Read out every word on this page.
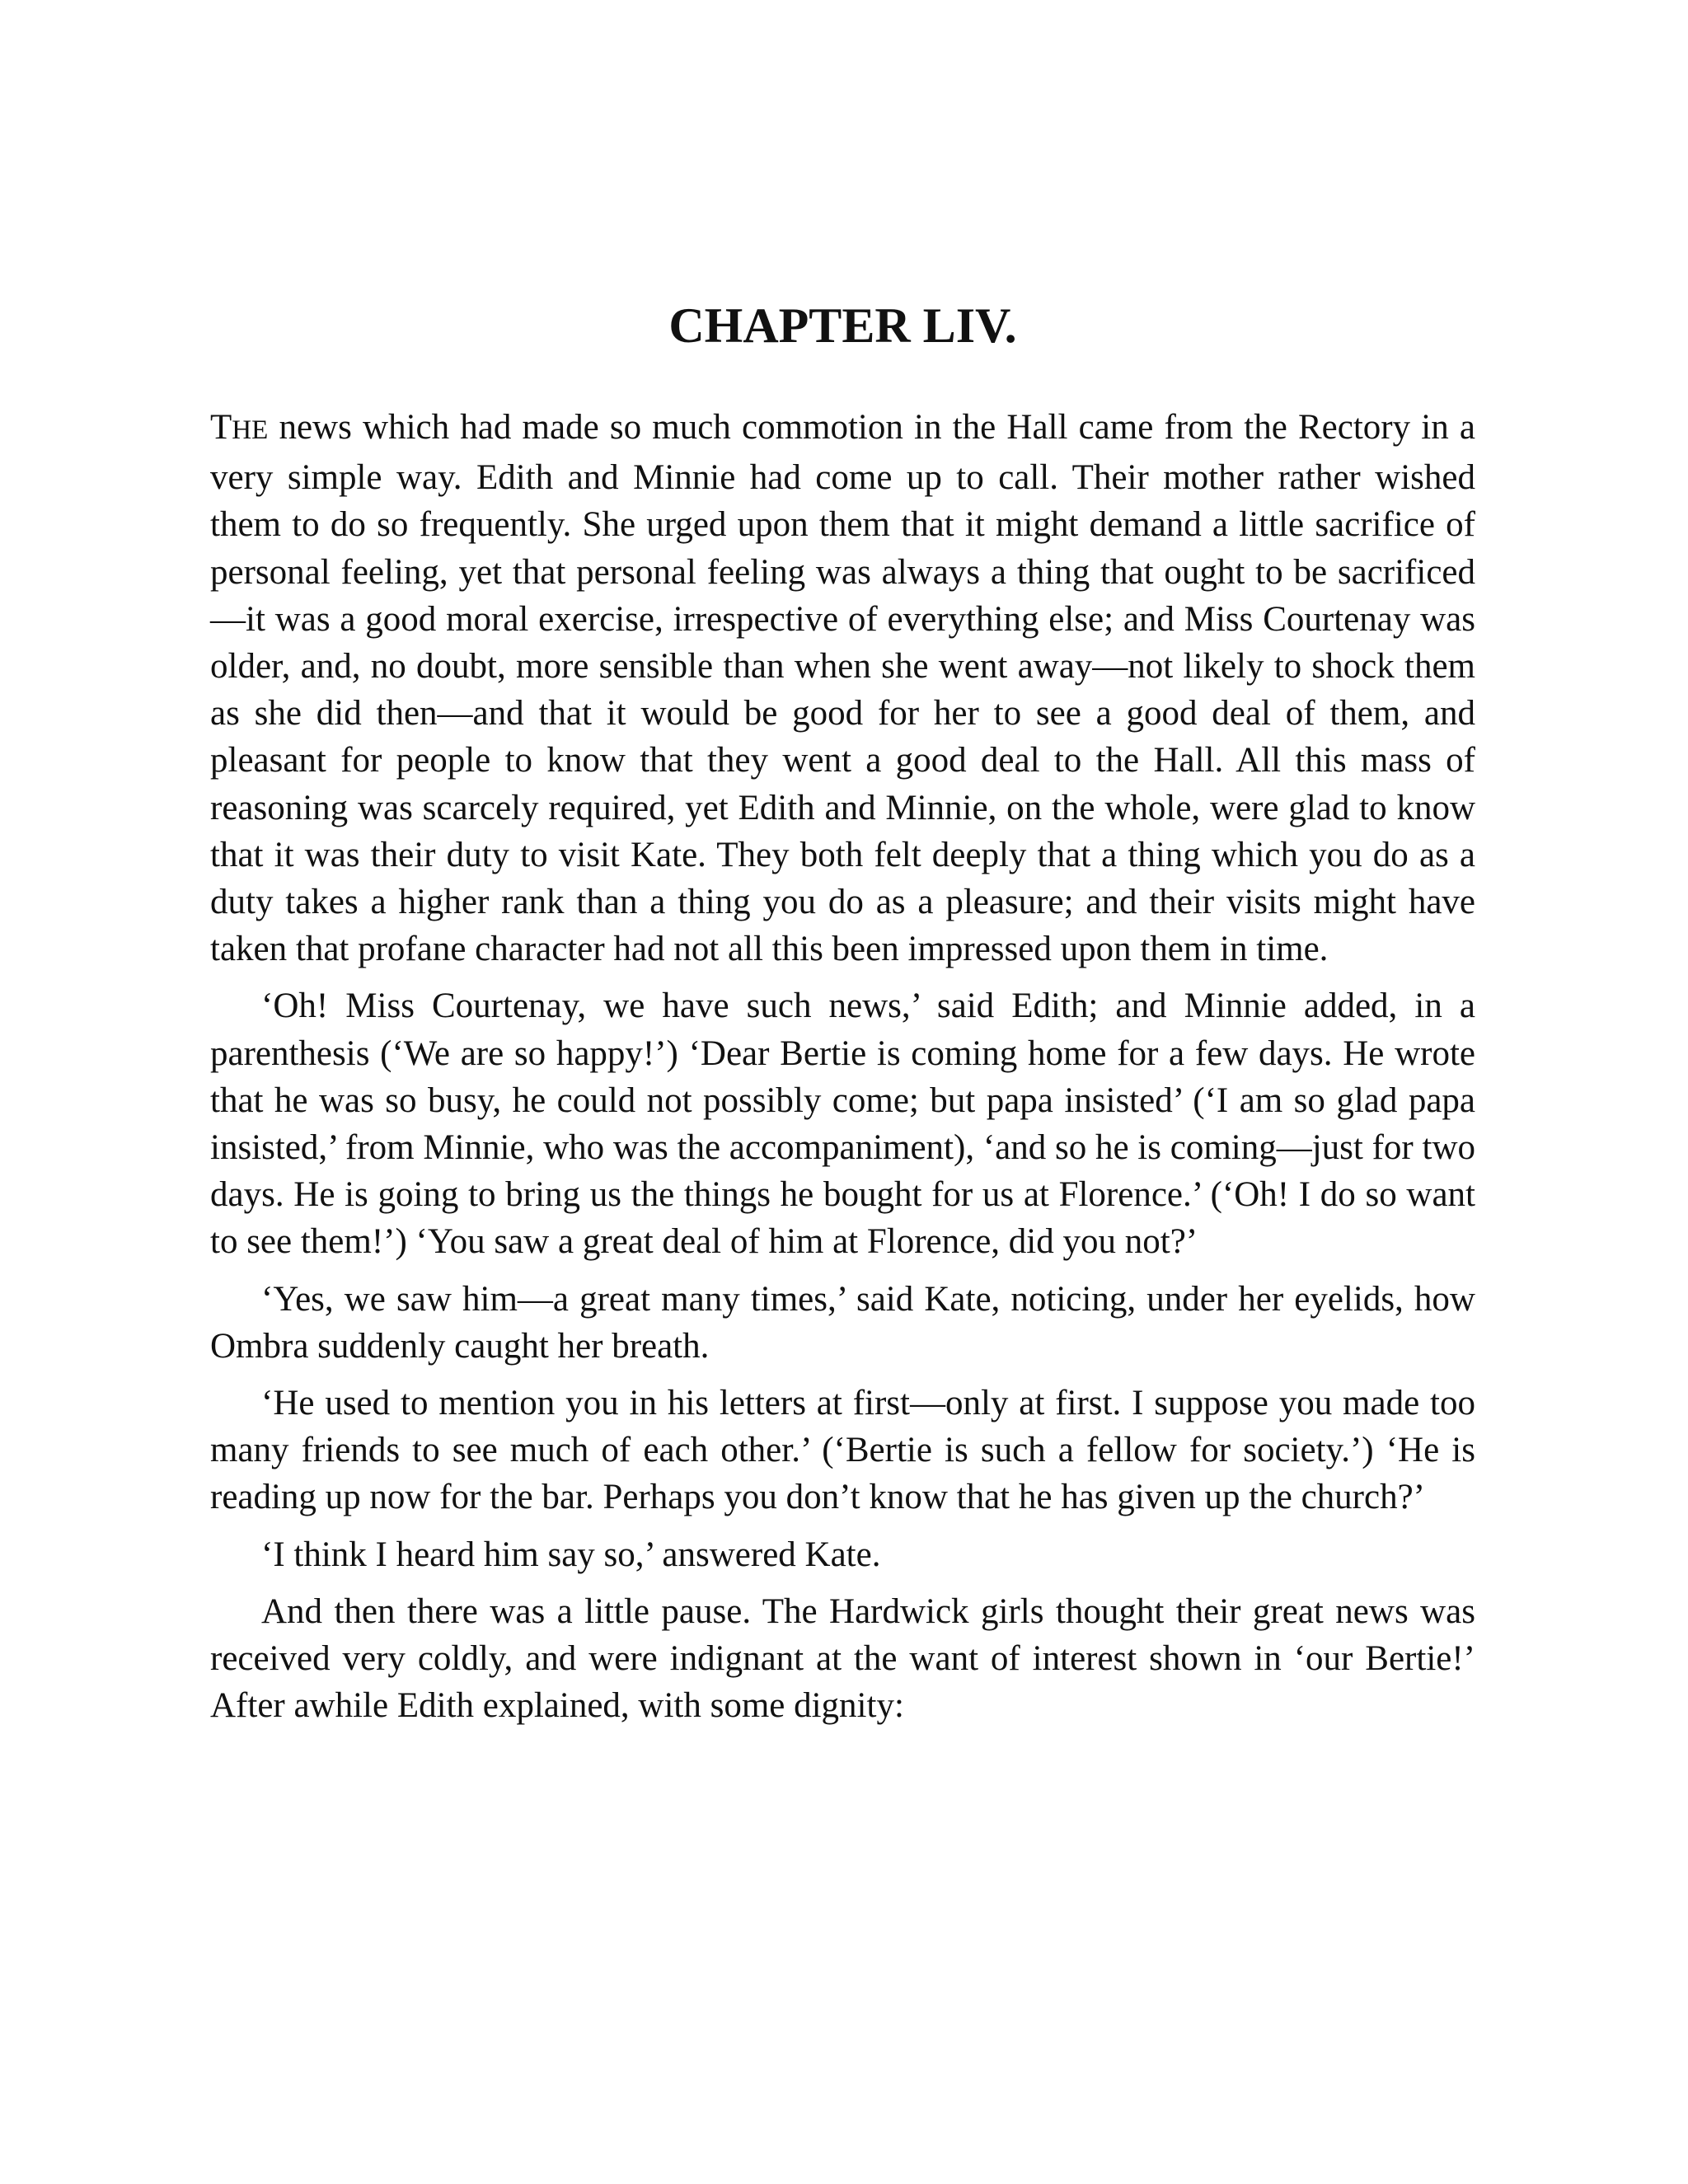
CHAPTER LIV.

THE news which had made so much commotion in the Hall came from the Rectory in a very simple way. Edith and Minnie had come up to call. Their mother rather wished them to do so frequently. She urged upon them that it might demand a little sacrifice of personal feeling, yet that personal feeling was always a thing that ought to be sacrificed—it was a good moral exercise, irrespective of everything else; and Miss Courtenay was older, and, no doubt, more sensible than when she went away—not likely to shock them as she did then—and that it would be good for her to see a good deal of them, and pleasant for people to know that they went a good deal to the Hall. All this mass of reasoning was scarcely required, yet Edith and Minnie, on the whole, were glad to know that it was their duty to visit Kate. They both felt deeply that a thing which you do as a duty takes a higher rank than a thing you do as a pleasure; and their visits might have taken that profane character had not all this been impressed upon them in time.

‘Oh! Miss Courtenay, we have such news,’ said Edith; and Minnie added, in a parenthesis (‘We are so happy!’) ‘Dear Bertie is coming home for a few days. He wrote that he was so busy, he could not possibly come; but papa insisted’ (‘I am so glad papa insisted,’ from Minnie, who was the accompaniment), ‘and so he is coming—just for two days. He is going to bring us the things he bought for us at Florence.’ (‘Oh! I do so want to see them!’) ‘You saw a great deal of him at Florence, did you not?’

‘Yes, we saw him—a great many times,’ said Kate, noticing, under her eyelids, how Ombra suddenly caught her breath.

‘He used to mention you in his letters at first—only at first. I suppose you made too many friends to see much of each other.’ (‘Bertie is such a fellow for society.’) ‘He is reading up now for the bar. Perhaps you don’t know that he has given up the church?’

‘I think I heard him say so,’ answered Kate.

And then there was a little pause. The Hardwick girls thought their great news was received very coldly, and were indignant at the want of interest shown in ‘our Bertie!’ After awhile Edith explained, with some dignity:
